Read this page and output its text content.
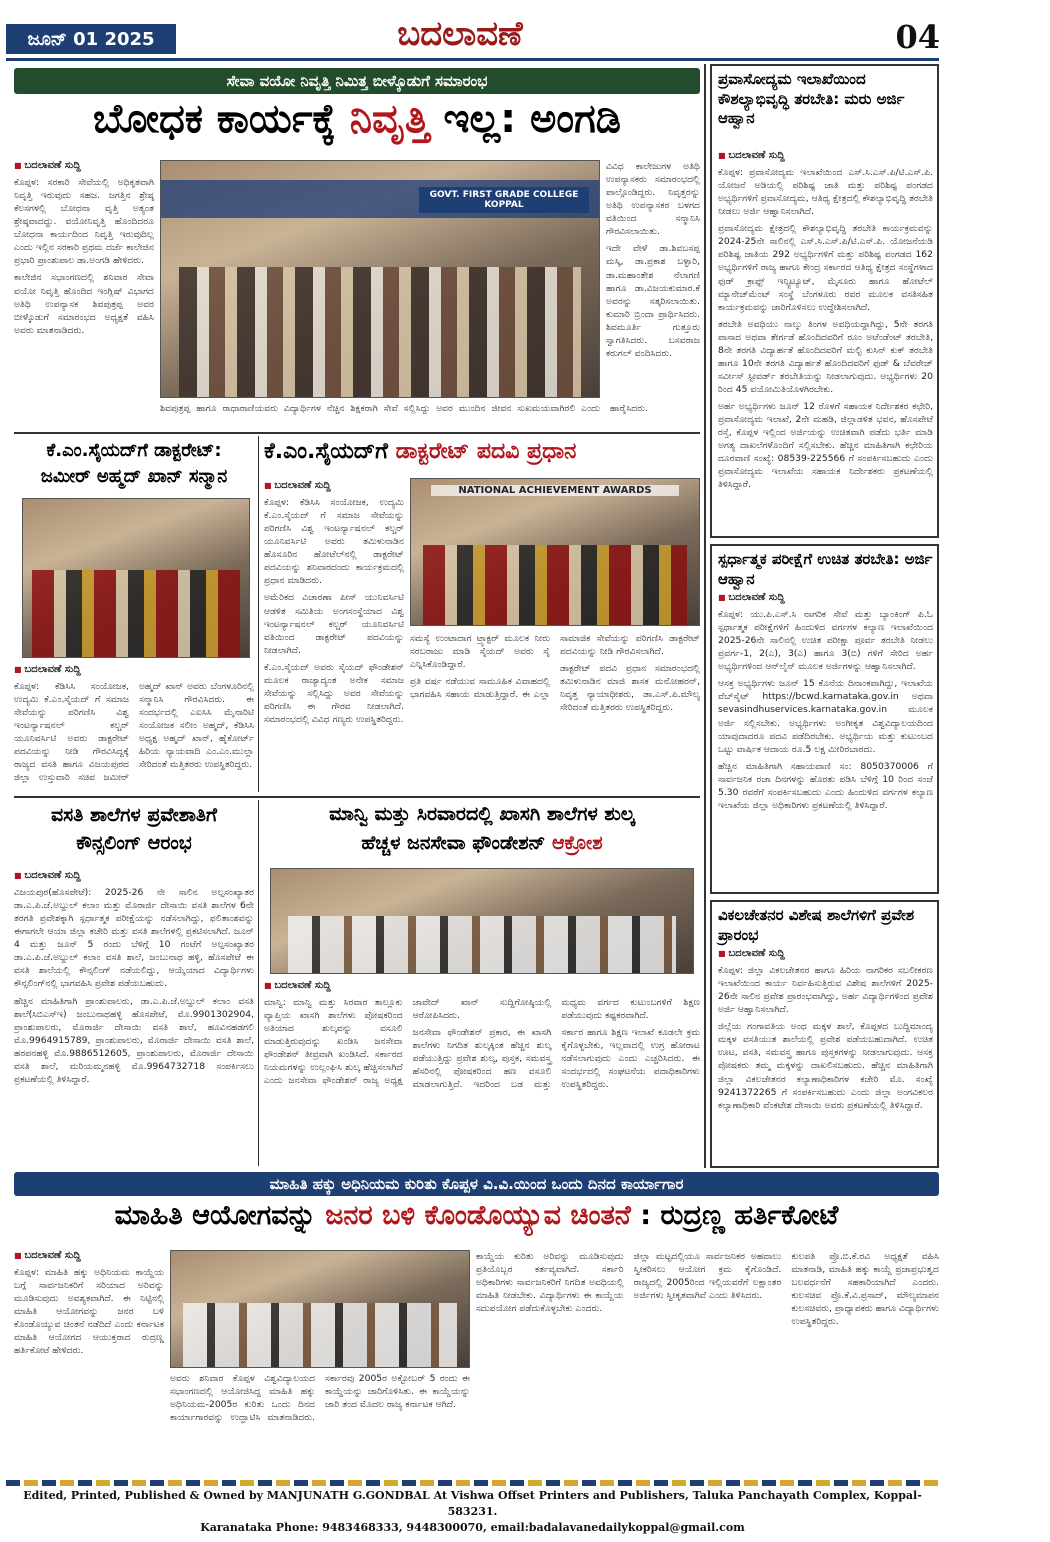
ಜೂನ್ 01 2025	ಬದಲಾವಣೆ	04
ಸೇವಾ ವಯೋ ನಿವೃತ್ತಿ ನಿಮಿತ್ತ ಬೀಳ್ಕೊಡುಗೆ ಸಮಾರಂಭ
ಬೋಧಕ ಕಾರ್ಯಕ್ಕೆ ನಿವೃತ್ತಿ ಇಲ್ಲ: ಅಂಗಡಿ
■ ಬದಲಾವಣೆ ಸುದ್ದಿ

ಕೊಪ್ಪಳ: ಸರಕಾರಿ ಸೇವೆಯಲ್ಲಿ ಅಧಿಕೃತವಾಗಿ ನಿವೃತ್ತಿ ಇರುವುದು ಸಹಜ. ಜಗತ್ತಿನ ಶ್ರೇಷ್ಠ ಕೆಲಸಗಳಲ್ಲಿ ಬೋಧನಾ ವೃತ್ತಿ ಅತ್ಯಂತ ಶ್ರೇಷ್ಠವಾದದ್ದು. ವಯೋನಿವೃತ್ತಿ ಹೊಂದಿದರೂ ಬೋಧನಾ ಕಾರ್ಯದಿಂದ ನಿವೃತ್ತಿ ಇರುವುದಿಲ್ಲ ಎಂದು ಇಲ್ಲಿನ ಸರಕಾರಿ ಪ್ರಥಮ ದರ್ಜೆ ಕಾಲೇಜಿನ ಪ್ರಭಾರಿ ಪ್ರಾಂಶುಪಾಲ ಡಾ.ಅಂಗಡಿ ಹೇಳಿದರು.

ಕಾಲೇಜಿನ ಸಭಾಂಗಣದಲ್ಲಿ ಶನಿವಾರ ಸೇವಾ ವಯೋ ನಿವೃತ್ತಿ ಹೊಂದಿದ ಇಂಗ್ಲಿಷ್ ವಿಭಾಗದ ಅತಿಥಿ ಉಪನ್ಯಾಸಕ ಶಿವಪುತ್ರಪ್ಪ ಅವರ ಬೀಳ್ಕೊಡುಗೆ ಸಮಾರಂಭದ ಅಧ್ಯಕ್ಷತೆ ವಹಿಸಿ ಅವರು ಮಾತನಾಡಿದರು.

GOVT. FIRST GRADE COLLEGE KOPPAL

ಶಿವಪುತ್ರಪ್ಪ ಹಾಗೂ ರಾಧಾರಾಣಿಯವರು ವಿದ್ಯಾರ್ಥಿಗಳ ನೆಚ್ಚಿನ ಶಿಕ್ಷಕರಾಗಿ ಸೇವೆ ಸಲ್ಲಿಸಿದ್ದು ಅವರ ಮುಂದಿನ ಜೀವನ ಸುಖಮಯವಾಗಿರಲಿ ಎಂದು ಹಾರೈಸಿದರು.

ವಿವಿಧ ಕಾಲೇಜುಗಳ ಅತಿಥಿ ಉಪನ್ಯಾಸಕರು ಸಮಾರಂಭದಲ್ಲಿ ಪಾಲ್ಗೊಂಡಿದ್ದರು. ನಿವೃತ್ತರನ್ನು ಅತಿಥಿ ಉಪನ್ಯಾಸಕರ ಬಳಗದ ವತಿಯಿಂದ ಸನ್ಮಾನಿಸಿ ಗೌರವಿಸಲಾಯಿತು.

ಇದೇ ವೇಳೆ ಡಾ.ಶಿವಬಸಪ್ಪ ಮಸ್ಕಿ, ಡಾ.ಪ್ರಕಾಶ ಬಳ್ಳಾರಿ, ಡಾ.ಮಹಾಂತೇಶ ನೆಲಾಗಣಿ ಹಾಗೂ ಡಾ.ವಿಜಯಕುಮಾರ.ಕೆ ಅವರನ್ನು ಸತ್ಕರಿಸಲಾಯಿತು. ಕುಮಾರಿ ಬ್ರಿಂದಾ ಪ್ರಾರ್ಥಿಸಿದರು. ಶಿವಮೂರ್ತಿ ಗುತ್ತೂರು ಸ್ವಾಗತಿಸಿದರು. ಬಸವರಾಜ ಕರುಗಲ್ ವಂದಿಸಿದರು.

ಕೆ.ಎಂ.ಸೈಯದ್‌ಗೆ ಡಾಕ್ಟರೇಟ್:
ಜಮೀರ್ ಅಹ್ಮದ್ ಖಾನ್ ಸನ್ಮಾನ
■ ಬದಲಾವಣೆ ಸುದ್ದಿ

ಕೊಪ್ಪಳ: ಕೆಡಿಸಿಸಿ ಸಂಯೋಜಕ, ಉದ್ಯಮಿ ಕೆ.ಎಂ.ಸೈಯದ್ ಗೆ ಸಮಾಜ ಸೇವೆಯನ್ನು ಪರಿಗಣಿಸಿ ವಿಶ್ವ ಇಂಟರ್ನ್ಯಾಷನಲ್ ಕಲ್ಚರ್ ಯೂನಿವರ್ಸಿಟಿ ಅವರು ಡಾಕ್ಟರೇಟ್ ಪದವಿಯನ್ನು ನೀಡಿ ಗೌರವಿಸಿದ್ದಕ್ಕೆ ರಾಜ್ಯದ ವಸತಿ ಹಾಗೂ ವಿಜಯಪುರದ ಜಿಲ್ಲಾ ಉಸ್ತುವಾರಿ ಸಚಿವ ಜಮೀರ್ ಅಹ್ಮದ್ ಖಾನ್ ಅವರು ಬೆಂಗಳೂರಿನಲ್ಲಿ ಸನ್ಮಾನಿಸಿ ಗೌರವಿಸಿದರು. ಈ ಸಂದರ್ಭದಲ್ಲಿ ಎಐಸಿಸಿ ಮೈನಾರಿಟಿ ಸಂಯೋಜಕ ಸಲೀಂ ಅಹ್ಮದ್, ಕೆಡಿಸಿಸಿ ಅಧ್ಯಕ್ಷ ಅಹ್ಮದ್ ಖಾನ್, ಹೈಕೋರ್ಟ್ ಹಿರಿಯ ನ್ಯಾಯವಾದಿ ಎಂ.ಎಂ.ಮುಲ್ಲಾ ಸೇರಿದಂತೆ ಮತ್ತಿತರರು ಉಪಸ್ಥಿತರಿದ್ದರು.

ಕೆ.ಎಂ.ಸೈಯದ್‌ಗೆ ಡಾಕ್ಟರೇಟ್ ಪದವಿ ಪ್ರಧಾನ
■ ಬದಲಾವಣೆ ಸುದ್ದಿ

ಕೊಪ್ಪಳ: ಕೆಡಿಸಿಸಿ ಸಂಯೋಜಕ, ಉದ್ಯಮಿ ಕೆ.ಎಂ.ಸೈಯದ್ ಗೆ ಸಮಾಜ ಸೇವೆಯನ್ನು ಪರಿಗಣಿಸಿ ವಿಶ್ವ ಇಂಟರ್ನ್ಯಾಷನಲ್ ಕಲ್ಚರ್ ಯೂನಿವರ್ಸಿಟಿ ಅವರು ತಮಿಳುನಾಡಿನ ಹೊಸೂರಿನ ಹೋಟೆಲ್‌ನಲ್ಲಿ ಡಾಕ್ಟರೇಟ್ ಪದವಿಯನ್ನು ಶನಿವಾರದಂದು ಕಾರ್ಯಕ್ರಮದಲ್ಲಿ ಪ್ರಧಾನ ಮಾಡಿದರು.

ಅಮೆರಿಕದ ವಿಚಾರಣಾ ಪೀಸ್ ಯುನಿವರ್ಸಿಟಿ ಆಡಳಿತ ಸಮಿತಿಯ ಅಂಗಸಂಸ್ಥೆಯಾದ ವಿಶ್ವ ಇಂಟರ್ನ್ಯಾಷನಲ್ ಕಲ್ಚರ್ ಯೂನಿವರ್ಸಿಟಿ ವತಿಯಿಂದ ಡಾಕ್ಟರೇಟ್ ಪದವಿಯನ್ನು ನೀಡಲಾಗಿದೆ.

ಕೆ.ಎಂ.ಸೈಯದ್ ಅವರು ಸೈಯದ್ ಫೌಂಡೇಶನ್ ಮೂಲಕ ರಾಜ್ಯಾದ್ಯಂತ ಅನೇಕ ಸಮಾಜ ಸೇವೆಯನ್ನು ಸಲ್ಲಿಸಿದ್ದು ಅವರ ಸೇವೆಯನ್ನು ಪರಿಗಣಿಸಿ ಈ ಗೌರವ ನೀಡಲಾಗಿದೆ. ಸಮಾರಂಭದಲ್ಲಿ ವಿವಿಧ ಗಣ್ಯರು ಉಪಸ್ಥಿತರಿದ್ದರು.

NATIONAL ACHIEVEMENT AWARDS

ಸಮಸ್ಯೆ ಉಂಟಾದಾಗ ಟ್ರ್ಯಾಕ್ಟರ್ ಮೂಲಕ ನೀರು ಸರಬರಾಜು ಮಾಡಿ ಸೈಯದ್ ಅವರು ಸೈ ಎನ್ನಿಸಿಕೊಂಡಿದ್ದಾರೆ.

ಪ್ರತಿ ವರ್ಷ ನಡೆಯುವ ಸಾಮೂಹಿಕ ವಿವಾಹದಲ್ಲಿ ಭಾಗವಹಿಸಿ ಸಹಾಯ ಮಾಡುತ್ತಿದ್ದಾರೆ. ಈ ಎಲ್ಲಾ ಸಾಮಾಜಿಕ ಸೇವೆಯನ್ನು ಪರಿಗಣಿಸಿ ಡಾಕ್ಟರೇಟ್ ಪದವಿಯನ್ನು ನೀಡಿ ಗೌರವಿಸಲಾಗಿದೆ.

ಡಾಕ್ಟರೇಟ್ ಪದವಿ ಪ್ರಧಾನ ಸಮಾರಂಭದಲ್ಲಿ ತಮಿಳುನಾಡಿನ ಮಾಜಿ ಶಾಸಕ ಮನೋಹರನ್, ನಿವೃತ್ತ ನ್ಯಾಯಾಧೀಶರು, ಡಾ.ಎಸ್.ಪಿ.ಮೌಲ್ಯ ಸೇರಿದಂತೆ ಮತ್ತಿತರರು ಉಪಸ್ಥಿತರಿದ್ದರು.

ವಸತಿ ಶಾಲೆಗಳ ಪ್ರವೇಶಾತಿಗೆ
ಕೌನ್ಸಲಿಂಗ್ ಆರಂಭ
■ ಬದಲಾವಣೆ ಸುದ್ದಿ

ವಿಜಯಪುರ(ಹೊಸಪೇಟೆ): 2025-26 ನೇ ಸಾಲಿನ ಅಲ್ಪಸಂಖ್ಯಾತರ ಡಾ.ಎ.ಪಿ.ಜೆ.ಅಬ್ದುಲ್ ಕಲಾಂ ಮತ್ತು ಮೊರಾರ್ಜಿ ದೇಸಾಯಿ ವಸತಿ ಶಾಲೆಗಳ 6ನೇ ತರಗತಿ ಪ್ರವೇಶಕ್ಕಾಗಿ ಸ್ಪರ್ಧಾತ್ಮಕ ಪರೀಕ್ಷೆಯನ್ನು ನಡೆಸಲಾಗಿದ್ದು, ಫಲಿತಾಂಶವನ್ನು ಈಗಾಗಲೇ ಆಯಾ ಜಿಲ್ಲಾ ಕಚೇರಿ ಮತ್ತು ವಸತಿ ಶಾಲೆಗಳಲ್ಲಿ ಪ್ರಕಟಿಸಲಾಗಿದೆ. ಜೂನ್ 4 ಮತ್ತು ಜೂನ್ 5 ರಂದು ಬೆಳಿಗ್ಗೆ 10 ಗಂಟೆಗೆ ಅಲ್ಪಸಂಖ್ಯಾತರ ಡಾ.ಎ.ಪಿ.ಜೆ.ಅಬ್ದುಲ್ ಕಲಾಂ ವಸತಿ ಶಾಲೆ, ಜಂಬುನಾಥ ಹಳ್ಳಿ, ಹೊಸಪೇಟೆ ಈ ವಸತಿ ಶಾಲೆಯಲ್ಲಿ ಕೌನ್ಸಲಿಂಗ್ ನಡೆಯಲಿದ್ದು, ಆಯ್ಕೆಯಾದ ವಿದ್ಯಾರ್ಥಿಗಳು ಕೌನ್ಸಲಿಂಗ್‌ನಲ್ಲಿ ಭಾಗವಹಿಸಿ ಪ್ರವೇಶ ಪಡೆಯಬಹುದು.

ಹೆಚ್ಚಿನ ಮಾಹಿತಿಗಾಗಿ ಪ್ರಾಂಶುಪಾಲರು, ಡಾ.ಎ.ಪಿ.ಜೆ.ಅಬ್ದುಲ್ ಕಲಾಂ ವಸತಿ ಶಾಲೆ(ಸಿಬಿಎಸ್‌ಇ) ಜಂಬುನಾಥಹಳ್ಳಿ ಹೊಸಪೇಟೆ, ಮೊ.9901302904, ಪ್ರಾಂಶುಪಾಲರು, ಮೊರಾರ್ಜಿ ದೇಸಾಯಿ ವಸತಿ ಶಾಲೆ, ಹೂವಿನಹಡಗಲಿ ಮೊ.9964915789, ಪ್ರಾಂಶುಪಾಲರು, ಮೊರಾರ್ಜಿ ದೇಸಾಯಿ ವಸತಿ ಶಾಲೆ, ಹರಪನಹಳ್ಳಿ ಮೊ.9886512605, ಪ್ರಾಂಶುಪಾಲರು, ಮೊರಾರ್ಜಿ ದೇಸಾಯಿ ವಸತಿ ಶಾಲೆ, ಮರಿಯಮ್ಮನಹಳ್ಳಿ ಮೊ.9964732718 ಸಂಪರ್ಕಿಸಲು ಪ್ರಕಟಣೆಯಲ್ಲಿ ತಿಳಿಸಿದ್ದಾರೆ.

ಮಾನ್ವಿ ಮತ್ತು ಸಿರವಾರದಲ್ಲಿ ಖಾಸಗಿ ಶಾಲೆಗಳ ಶುಲ್ಕ
ಹೆಚ್ಚಳ ಜನಸೇವಾ ಫೌಂಡೇಶನ್ ಆಕ್ರೋಶ
■ ಬದಲಾವಣೆ ಸುದ್ದಿ

ಮಾನ್ವಿ: ಮಾನ್ವಿ ಮತ್ತು ಸಿರವಾರ ತಾಲ್ಲೂಕು ವ್ಯಾಪ್ತಿಯ ಖಾಸಗಿ ಶಾಲೆಗಳು ಪೋಷಕರಿಂದ ಅತಿಯಾದ ಶುಲ್ಕವನ್ನು ವಸೂಲಿ ಮಾಡುತ್ತಿರುವುದನ್ನು ಖಂಡಿಸಿ ಜನಸೇವಾ ಫೌಂಡೇಶನ್ ತೀವ್ರವಾಗಿ ಖಂಡಿಸಿದೆ. ಸರ್ಕಾರದ ನಿಯಮಗಳನ್ನು ಉಲ್ಲಂಘಿಸಿ ಶುಲ್ಕ ಹೆಚ್ಚಿಸಲಾಗಿದೆ ಎಂದು ಜನಸೇವಾ ಫೌಂಡೇಶನ್ ರಾಜ್ಯ ಅಧ್ಯಕ್ಷ ಜಾವೇದ್ ಖಾನ್ ಸುದ್ದಿಗೋಷ್ಠಿಯಲ್ಲಿ ಆರೋಪಿಸಿದರು.

ಜನಸೇವಾ ಫೌಂಡೇಶನ್ ಪ್ರಕಾರ, ಈ ಖಾಸಗಿ ಶಾಲೆಗಳು ನಿಗದಿತ ಶುಲ್ಕಕ್ಕಿಂತ ಹೆಚ್ಚಿನ ಶುಲ್ಕ ಪಡೆಯುತ್ತಿದ್ದು ಪ್ರವೇಶ ಶುಲ್ಕ, ಪುಸ್ತಕ, ಸಮವಸ್ತ್ರ ಹೆಸರಿನಲ್ಲಿ ಪೋಷಕರಿಂದ ಹಣ ವಸೂಲಿ ಮಾಡಲಾಗುತ್ತಿದೆ. ಇದರಿಂದ ಬಡ ಮತ್ತು ಮಧ್ಯಮ ವರ್ಗದ ಕುಟುಂಬಗಳಿಗೆ ಶಿಕ್ಷಣ ಪಡೆಯುವುದು ಕಷ್ಟಕರವಾಗಿದೆ.

ಸರ್ಕಾರ ಹಾಗೂ ಶಿಕ್ಷಣ ಇಲಾಖೆ ಕೂಡಲೇ ಕ್ರಮ ಕೈಗೊಳ್ಳಬೇಕು, ಇಲ್ಲವಾದಲ್ಲಿ ಉಗ್ರ ಹೋರಾಟ ನಡೆಸಲಾಗುವುದು ಎಂದು ಎಚ್ಚರಿಸಿದರು. ಈ ಸಂದರ್ಭದಲ್ಲಿ ಸಂಘಟನೆಯ ಪದಾಧಿಕಾರಿಗಳು ಉಪಸ್ಥಿತರಿದ್ದರು.

ಪ್ರವಾಸೋದ್ಯಮ ಇಲಾಖೆಯಿಂದ ಕೌಶಲ್ಯಾಭಿವೃದ್ಧಿ ತರಬೇತಿ: ಮರು ಅರ್ಜಿ ಆಹ್ವಾನ
■ ಬದಲಾವಣೆ ಸುದ್ದಿ

ಕೊಪ್ಪಳ: ಪ್ರವಾಸೋದ್ಯಮ ಇಲಾಖೆಯಿಂದ ಎಸ್.ಸಿ.ಎಸ್.ಪಿ/ಟಿ.ಎಸ್.ಪಿ. ಯೋಜನೆ ಅಡಿಯಲ್ಲಿ ಪರಿಶಿಷ್ಟ ಜಾತಿ ಮತ್ತು ಪರಿಶಿಷ್ಟ ಪಂಗಡದ ಅಭ್ಯರ್ಥಿಗಳಿಗೆ ಪ್ರವಾಸೋದ್ಯಮ, ಆತಿಥ್ಯ ಕ್ಷೇತ್ರದಲ್ಲಿ ಕೌಶಲ್ಯಾಭಿವೃದ್ಧಿ ತರಬೇತಿ ನೀಡಲು ಅರ್ಜಿ ಆಹ್ವಾನಿಸಲಾಗಿದೆ.

ಪ್ರವಾಸೋದ್ಯಮ ಕ್ಷೇತ್ರದಲ್ಲಿ ಕೌಶಲ್ಯಾಭಿವೃದ್ಧಿ ತರಬೇತಿ ಕಾರ್ಯಕ್ರಮವನ್ನು 2024-25ನೇ ಸಾಲಿನಲ್ಲಿ ಎಸ್.ಸಿ.ಎಸ್.ಪಿ/ಟಿ.ಎಸ್.ಪಿ. ಯೋಜನೆಯಡಿ ಪರಿಶಿಷ್ಟ ಜಾತಿಯ 292 ಅಭ್ಯರ್ಥಿಗಳಿಗೆ ಮತ್ತು ಪರಿಶಿಷ್ಟ ಪಂಗಡದ 162 ಅಭ್ಯರ್ಥಿಗಳಿಗೆ ರಾಜ್ಯ ಹಾಗೂ ಕೇಂದ್ರ ಸರ್ಕಾರದ ಆತಿಥ್ಯ ಕ್ಷೇತ್ರದ ಸಂಸ್ಥೆಗಳಾದ ಫುಡ್ ಕ್ರಾಫ್ಟ್ ಇನ್ಸ್ಟಿಟ್ಯೂಟ್, ಮೈಸೂರು ಹಾಗೂ ಹೋಟೆಲ್ ಮ್ಯಾನೇಜ್‌ಮೆಂಟ್ ಸಂಸ್ಥೆ ಬೆಂಗಳೂರು ರವರ ಮೂಲಕ ವಸತಿಸಹಿತ ಕಾರ್ಯಕ್ರಮವನ್ನು ಜಾರಿಗೊಳಿಸಲು ಉದ್ದೇಶಿಸಲಾಗಿದೆ.

ತರಬೇತಿ ಅವಧಿಯು ನಾಲ್ಕು ತಿಂಗಳ ಅವಧಿಯದ್ದಾಗಿದ್ದು, 5ನೇ ತರಗತಿ ಪಾಸಾದ ಅಥವಾ ತೇರ್ಗಡೆ ಹೊಂದಿದವರಿಗೆ ರೂಂ ಅಟೆಂಡೆಂಟ್ ತರಬೇತಿ, 8ನೇ ತರಗತಿ ವಿದ್ಯಾರ್ಹತೆ ಹೊಂದಿದವರಿಗೆ ಮಲ್ಟಿ ಕುಸಿನ್ ಕುಕ್ ತರಬೇತಿ ಹಾಗೂ 10ನೇ ತರಗತಿ ವಿದ್ಯಾರ್ಹತೆ ಹೊಂದಿದವರಿಗೆ ಫುಡ್ & ಬೆವರೇಜ್ ಸರ್ವೀಸ್ ಸ್ಟೀವರ್ಡ್ ತರಬೇತಿಯನ್ನು ನೀಡಲಾಗುವುದು. ಅಭ್ಯರ್ಥಿಗಳು 20 ರಿಂದ 45 ವಯೋಮಿತಿಯೊಳಗಿರಬೇಕು.

ಅರ್ಹ ಅಭ್ಯರ್ಥಿಗಳು ಜೂನ್ 12 ರೊಳಗೆ ಸಹಾಯಕ ನಿರ್ದೇಶಕರ ಕಛೇರಿ, ಪ್ರವಾಸೋದ್ಯಮ ಇಲಾಖೆ, 2ನೇ ಮಹಡಿ, ಜಿಲ್ಲಾಡಳಿತ ಭವನ, ಹೊಸಪೇಟೆ ರಸ್ತೆ, ಕೊಪ್ಪಳ ಇಲ್ಲಿಂದ ಅರ್ಜಿಯನ್ನು ಉಚಿತವಾಗಿ ಪಡೆದು ಭರ್ತಿ ಮಾಡಿ ಅಗತ್ಯ ದಾಖಲೆಗಳೊಂದಿಗೆ ಸಲ್ಲಿಸಬೇಕು. ಹೆಚ್ಚಿನ ಮಾಹಿತಿಗಾಗಿ ಕಛೇರಿಯ ದೂರವಾಣಿ ಸಂಖ್ಯೆ: 08539-225566 ಗೆ ಸಂಪರ್ಕಿಸಬಹುದು ಎಂದು ಪ್ರವಾಸೋದ್ಯಮ ಇಲಾಖೆಯ ಸಹಾಯಕ ನಿರ್ದೇಶಕರು ಪ್ರಕಟಣೆಯಲ್ಲಿ ತಿಳಿಸಿದ್ದಾರೆ.

ಸ್ಪರ್ಧಾತ್ಮಕ ಪರೀಕ್ಷೆಗೆ ಉಚಿತ ತರಬೇತಿ: ಅರ್ಜಿ ಆಹ್ವಾನ
■ ಬದಲಾವಣೆ ಸುದ್ದಿ

ಕೊಪ್ಪಳ: ಯು.ಪಿ.ಎಸ್.ಸಿ ನಾಗರಿಕ ಸೇವೆ ಮತ್ತು ಬ್ಯಾಂಕಿಂಗ್ ಪಿ.ಓ ಸ್ಪರ್ಧಾತ್ಮಕ ಪರೀಕ್ಷೆಗಳಿಗೆ ಹಿಂದುಳಿದ ವರ್ಗಗಳ ಕಲ್ಯಾಣ ಇಲಾಖೆಯಿಂದ 2025-26ನೇ ಸಾಲಿನಲ್ಲಿ ಉಚಿತ ಪರೀಕ್ಷಾ ಪೂರ್ವ ತರಬೇತಿ ನೀಡಲು ಪ್ರವರ್ಗ-1, 2(ಎ), 3(ಎ) ಹಾಗೂ 3(ಬಿ) ಗಳಿಗೆ ಸೇರಿದ ಅರ್ಹ ಅಭ್ಯರ್ಥಿಗಳಿಂದ ಆನ್‌ಲೈನ್ ಮೂಲಕ ಅರ್ಜಿಗಳನ್ನು ಆಹ್ವಾನಿಸಲಾಗಿದೆ.

ಆಸಕ್ತ ಅಭ್ಯರ್ಥಿಗಳು ಜೂನ್ 15 ಕೊನೆಯ ದಿನಾಂಕವಾಗಿದ್ದು, ಇಲಾಖೆಯ ವೆಬ್‌ಸೈಟ್ https://bcwd.karnataka.gov.in ಅಥವಾ sevasindhuservices.karnataka.gov.in ಮೂಲಕ ಅರ್ಜಿ ಸಲ್ಲಿಸಬೇಕು. ಅಭ್ಯರ್ಥಿಗಳು ಅಂಗೀಕೃತ ವಿಶ್ವವಿದ್ಯಾಲಯದಿಂದ ಯಾವುದಾದರೂ ಪದವಿ ಪಡೆದಿರಬೇಕು. ಅಭ್ಯರ್ಥಿಯ ಮತ್ತು ಕುಟುಂಬದ ಒಟ್ಟು ವಾರ್ಷಿಕ ಆದಾಯ ರೂ.5 ಲಕ್ಷ ಮೀರಿರಬಾರದು.

ಹೆಚ್ಚಿನ ಮಾಹಿತಿಗಾಗಿ ಸಹಾಯವಾಣಿ ಸಂ: 8050370006 ಗೆ ಸಾರ್ವಜನಿಕ ರಜಾ ದಿನಗಳನ್ನು ಹೊರತು ಪಡಿಸಿ ಬೆಳಿಗ್ಗೆ 10 ರಿಂದ ಸಂಜೆ 5.30 ರವರೆಗೆ ಸಂಪರ್ಕಿಸಬಹುದು ಎಂದು ಹಿಂದುಳಿದ ವರ್ಗಗಳ ಕಲ್ಯಾಣ ಇಲಾಖೆಯ ಜಿಲ್ಲಾ ಅಧಿಕಾರಿಗಳು ಪ್ರಕಟಣೆಯಲ್ಲಿ ತಿಳಿಸಿದ್ದಾರೆ.

ವಿಕಲಚೇತನರ ವಿಶೇಷ ಶಾಲೆಗಳಿಗೆ ಪ್ರವೇಶ ಪ್ರಾರಂಭ
■ ಬದಲಾವಣೆ ಸುದ್ದಿ

ಕೊಪ್ಪಳ: ಜಿಲ್ಲಾ ವಿಕಲಚೇತನರ ಹಾಗೂ ಹಿರಿಯ ನಾಗರಿಕರ ಸಬಲೀಕರಣ ಇಲಾಖೆಯಿಂದ ಕಾರ್ಯ ನಿರ್ವಹಿಸುತ್ತಿರುವ ವಿಶೇಷ ಶಾಲೆಗಳಿಗೆ 2025-26ನೇ ಸಾಲಿನ ಪ್ರವೇಶ ಪ್ರಾರಂಭವಾಗಿದ್ದು, ಅರ್ಹ ವಿದ್ಯಾರ್ಥಿಗಳಿಂದ ಪ್ರವೇಶ ಅರ್ಜಿ ಆಹ್ವಾನಿಸಲಾಗಿದೆ.

ಜಿಲ್ಲೆಯ ಗಂಗಾವತಿಯ ಅಂಧ ಮಕ್ಕಳ ಶಾಲೆ, ಕೊಪ್ಪಳದ ಬುದ್ಧಿಮಾಂದ್ಯ ಮಕ್ಕಳ ವಸತಿಯುತ ಶಾಲೆಯಲ್ಲಿ ಪ್ರವೇಶ ಪಡೆಯಬಹುದಾಗಿದೆ. ಉಚಿತ ಊಟ, ವಸತಿ, ಸಮವಸ್ತ್ರ ಹಾಗೂ ಪುಸ್ತಕಗಳನ್ನು ನೀಡಲಾಗುವುದು. ಆಸಕ್ತ ಪೋಷಕರು ತಮ್ಮ ಮಕ್ಕಳನ್ನು ದಾಖಲಿಸಬಹುದು. ಹೆಚ್ಚಿನ ಮಾಹಿತಿಗಾಗಿ ಜಿಲ್ಲಾ ವಿಕಲಚೇತನರ ಕಲ್ಯಾಣಾಧಿಕಾರಿಗಳ ಕಚೇರಿ ಮೊ. ಸಂಖ್ಯೆ 9241372265 ಗೆ ಸಂಪರ್ಕಿಸಬಹುದು ಎಂದು ಜಿಲ್ಲಾ ಅಂಗವಿಕಲರ ಕಲ್ಯಾಣಾಧಿಕಾರಿ ವೆಂಕಟೇಶ ದೇಸಾಯಿ ಅವರು ಪ್ರಕಟಣೆಯಲ್ಲಿ ತಿಳಿಸಿದ್ದಾರೆ.

ಮಾಹಿತಿ ಹಕ್ಕು ಅಧಿನಿಯಮ ಕುರಿತು ಕೊಪ್ಪಳ ವಿ.ವಿ.ಯಿಂದ ಒಂದು ದಿನದ ಕಾರ್ಯಾಗಾರ
ಮಾಹಿತಿ ಆಯೋಗವನ್ನು ಜನರ ಬಳಿ ಕೊಂಡೊಯ್ಯುವ ಚಿಂತನೆ : ರುದ್ರಣ್ಣ ಹರ್ತಿಕೋಟೆ
■ ಬದಲಾವಣೆ ಸುದ್ದಿ

ಕೊಪ್ಪಳ: ಮಾಹಿತಿ ಹಕ್ಕು ಅಧಿನಿಯಮ ಕಾಯ್ದೆಯ ಬಗ್ಗೆ ಸಾರ್ವಜನಿಕರಿಗೆ ಸರಿಯಾದ ಅರಿವನ್ನು ಮೂಡಿಸುವುದು ಅವಶ್ಯಕವಾಗಿದೆ. ಈ ನಿಟ್ಟಿನಲ್ಲಿ ಮಾಹಿತಿ ಆಯೋಗವನ್ನು ಜನರ ಬಳಿ ಕೊಂಡೊಯ್ಯುವ ಚಿಂತನೆ ನಡೆದಿದೆ ಎಂದು ಕರ್ನಾಟಕ ಮಾಹಿತಿ ಆಯೋಗದ ಆಯುಕ್ತರಾದ ರುದ್ರಣ್ಣ ಹರ್ತಿಕೋಟೆ ಹೇಳಿದರು.

ಅವರು ಶನಿವಾರ ಕೊಪ್ಪಳ ವಿಶ್ವವಿದ್ಯಾಲಯದ ಸಭಾಂಗಣದಲ್ಲಿ ಆಯೋಜಿಸಿದ್ದ ಮಾಹಿತಿ ಹಕ್ಕು ಅಧಿನಿಯಮ-2005ರ ಕುರಿತು ಒಂದು ದಿನದ ಕಾರ್ಯಾಗಾರವನ್ನು ಉದ್ಘಾಟಿಸಿ ಮಾತನಾಡಿದರು. ಸರ್ಕಾರವು 2005ರ ಅಕ್ಟೋಬರ್ 5 ರಂದು ಈ ಕಾಯ್ದೆಯನ್ನು ಜಾರಿಗೊಳಿಸಿತು. ಈ ಕಾಯ್ದೆಯನ್ನು ಜಾರಿ ತಂದ ಮೊದಲ ರಾಜ್ಯ ಕರ್ನಾಟಕ ಆಗಿದೆ.

ಕಾಯ್ದೆಯ ಕುರಿತು ಅರಿವನ್ನು ಮೂಡಿಸುವುದು ಪ್ರತಿಯೊಬ್ಬರ ಕರ್ತವ್ಯವಾಗಿದೆ. ಸರ್ಕಾರಿ ಅಧಿಕಾರಿಗಳು ಸಾರ್ವಜನಿಕರಿಗೆ ನಿಗದಿತ ಅವಧಿಯಲ್ಲಿ ಮಾಹಿತಿ ನೀಡಬೇಕು. ವಿದ್ಯಾರ್ಥಿಗಳು ಈ ಕಾಯ್ದೆಯ ಸದುಪಯೋಗ ಪಡೆದುಕೊಳ್ಳಬೇಕು ಎಂದರು.

ಜಿಲ್ಲಾ ಮಟ್ಟದಲ್ಲಿಯೂ ಸಾರ್ವಜನಿಕರ ಅಹವಾಲು ಸ್ವೀಕರಿಸಲು ಆಯೋಗ ಕ್ರಮ ಕೈಗೊಂಡಿದೆ. ರಾಜ್ಯದಲ್ಲಿ 2005ರಿಂದ ಇಲ್ಲಿಯವರೆಗೆ ಲಕ್ಷಾಂತರ ಅರ್ಜಿಗಳು ಸ್ವೀಕೃತವಾಗಿವೆ ಎಂದು ತಿಳಿಸಿದರು.

ಕುಲಪತಿ ಪ್ರೊ.ಬಿ.ಕೆ.ರವಿ ಅಧ್ಯಕ್ಷತೆ ವಹಿಸಿ ಮಾತನಾಡಿ, ಮಾಹಿತಿ ಹಕ್ಕು ಕಾಯ್ದೆ ಪ್ರಜಾಪ್ರಭುತ್ವದ ಬಲವರ್ಧನೆಗೆ ಸಹಕಾರಿಯಾಗಿದೆ ಎಂದರು. ಕುಲಸಚಿವ ಪ್ರೊ.ಕೆ.ವಿ.ಪ್ರಸಾದ್, ಮೌಲ್ಯಮಾಪನ ಕುಲಸಚಿವರು, ಪ್ರಾಧ್ಯಾಪಕರು ಹಾಗೂ ವಿದ್ಯಾರ್ಥಿಗಳು ಉಪಸ್ಥಿತರಿದ್ದರು.

Edited, Printed, Published & Owned by MANJUNATH G.GONDBAL At Vishwa Offset Printers and Publishers, Taluka Panchayath Complex, Koppal-583231.
Karanataka Phone: 9483468333, 9448300070, email:badalavanedailykoppal@gmail.com
